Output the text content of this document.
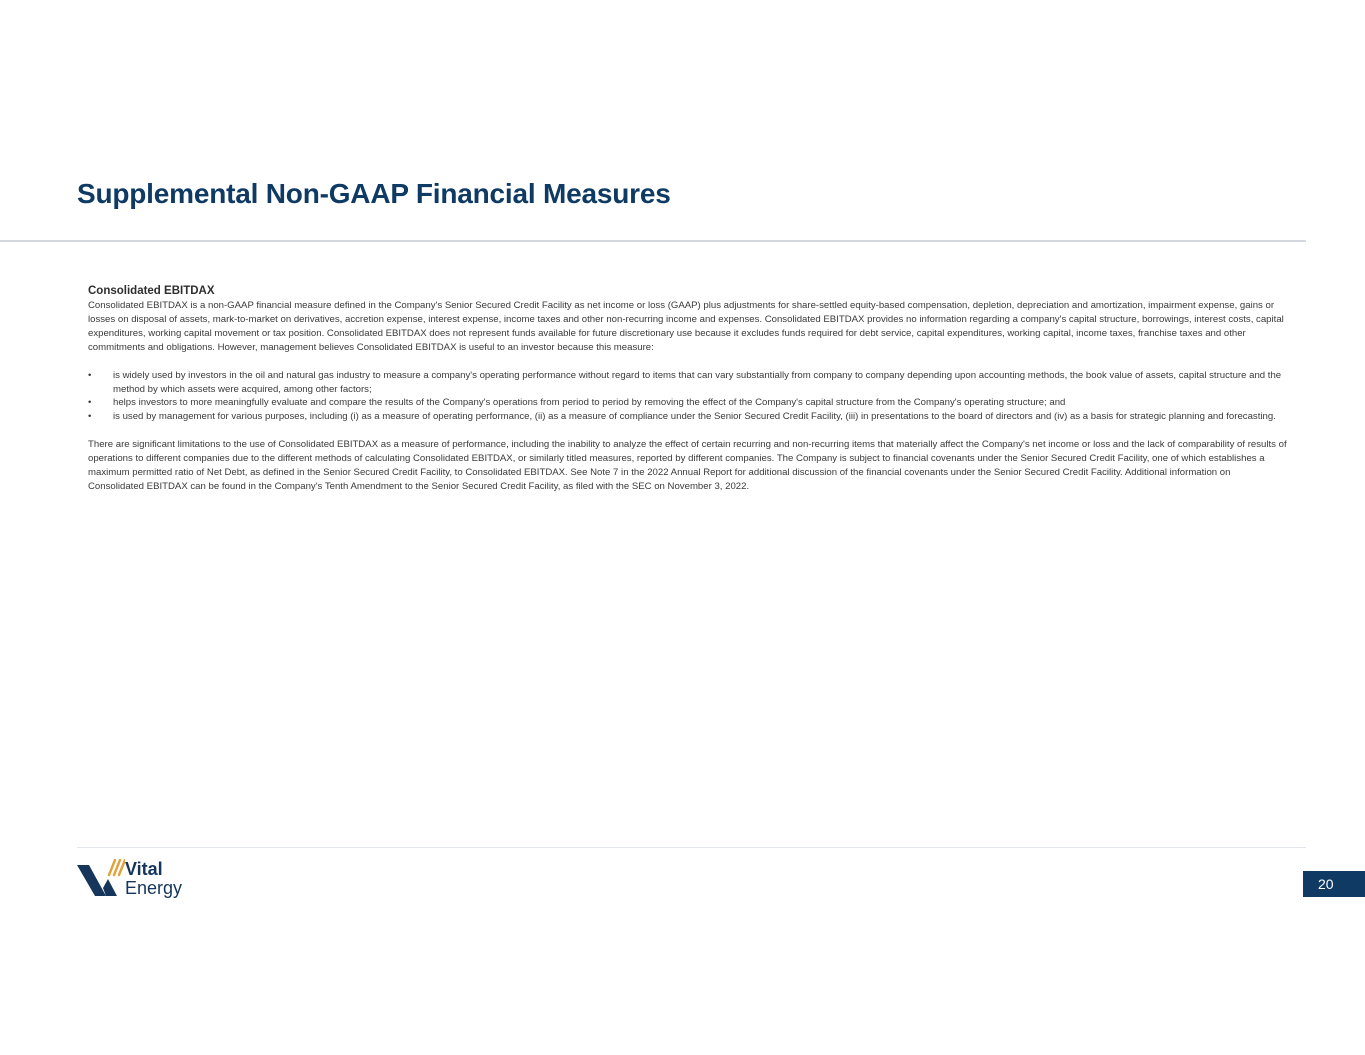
Supplemental Non-GAAP Financial Measures
Consolidated EBITDAX

Consolidated EBITDAX is a non-GAAP financial measure defined in the Company's Senior Secured Credit Facility as net income or loss (GAAP) plus adjustments for share-settled equity-based compensation, depletion, depreciation and amortization, impairment expense, gains or losses on disposal of assets, mark-to-market on derivatives, accretion expense, interest expense, income taxes and other non-recurring income and expenses. Consolidated EBITDAX provides no information regarding a company's capital structure, borrowings, interest costs, capital expenditures, working capital movement or tax position. Consolidated EBITDAX does not represent funds available for future discretionary use because it excludes funds required for debt service, capital expenditures, working capital, income taxes, franchise taxes and other commitments and obligations. However, management believes Consolidated EBITDAX is useful to an investor because this measure:

• is widely used by investors in the oil and natural gas industry to measure a company's operating performance without regard to items that can vary substantially from company to company depending upon accounting methods, the book value of assets, capital structure and the method by which assets were acquired, among other factors;
• helps investors to more meaningfully evaluate and compare the results of the Company's operations from period to period by removing the effect of the Company's capital structure from the Company's operating structure; and
• is used by management for various purposes, including (i) as a measure of operating performance, (ii) as a measure of compliance under the Senior Secured Credit Facility, (iii) in presentations to the board of directors and (iv) as a basis for strategic planning and forecasting.

There are significant limitations to the use of Consolidated EBITDAX as a measure of performance, including the inability to analyze the effect of certain recurring and non-recurring items that materially affect the Company's net income or loss and the lack of comparability of results of operations to different companies due to the different methods of calculating Consolidated EBITDAX, or similarly titled measures, reported by different companies. The Company is subject to financial covenants under the Senior Secured Credit Facility, one of which establishes a maximum permitted ratio of Net Debt, as defined in the Senior Secured Credit Facility, to Consolidated EBITDAX. See Note 7 in the 2022 Annual Report for additional discussion of the financial covenants under the Senior Secured Credit Facility. Additional information on Consolidated EBITDAX can be found in the Company's Tenth Amendment to the Senior Secured Credit Facility, as filed with the SEC on November 3, 2022.

Vital
Energy	20
